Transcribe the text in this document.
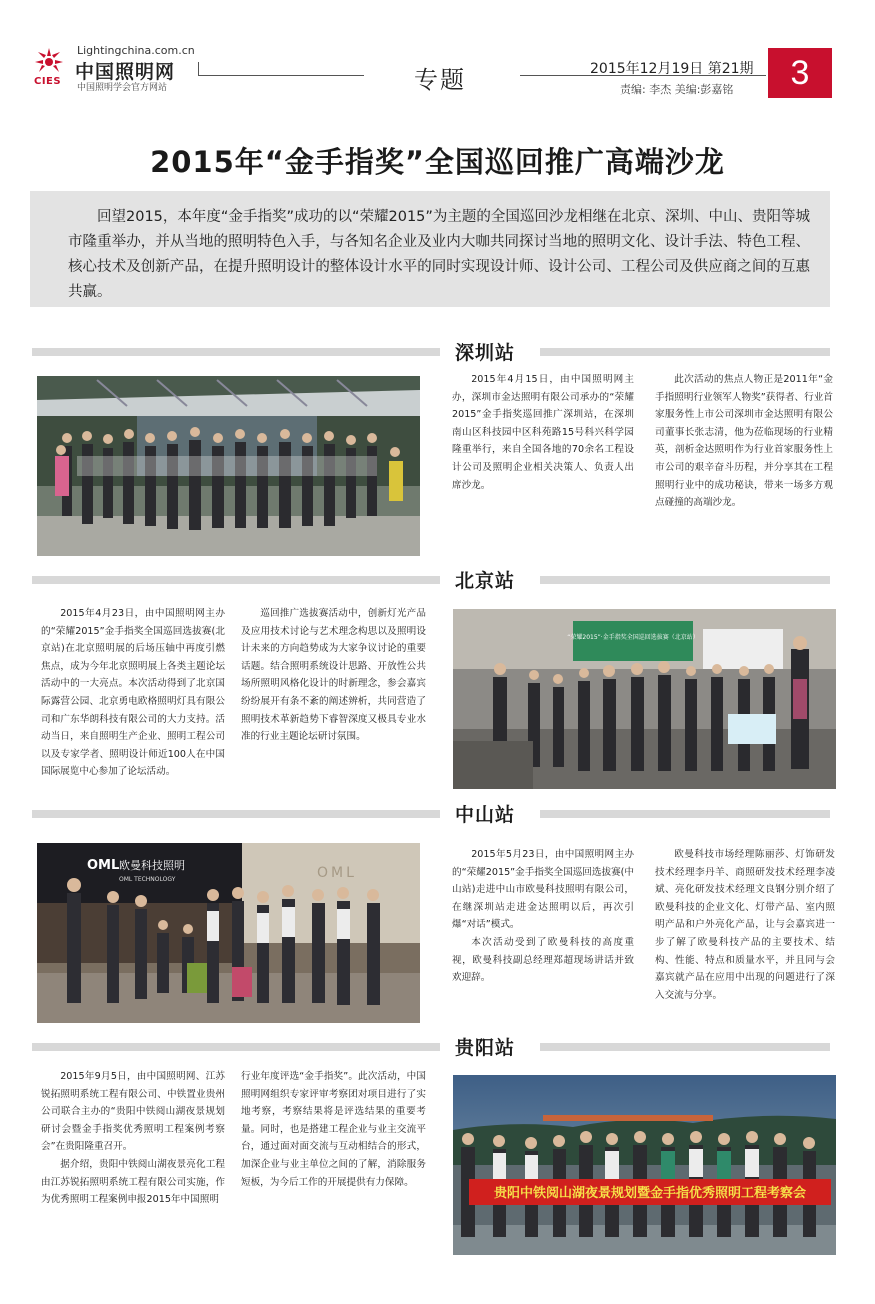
CIES
Lightingchina.com.cn
中国照明网
中国照明学会官方网站	专题	2015年12月19日 第21期
责编: 李杰 美编:彭嘉铭	3
2015年“金手指奖”全国巡回推广高端沙龙
回望2015，本年度“金手指奖”成功的以“荣耀2015”为主题的全国巡回沙龙相继在北京、深圳、中山、贵阳等城市隆重举办，并从当地的照明特色入手，与各知名企业及业内大咖共同探讨当地的照明文化、设计手法、特色工程、核心技术及创新产品，在提升照明设计的整体设计水平的同时实现设计师、设计公司、工程公司及供应商之间的互惠共赢。
深圳站

2015年4月15日，由中国照明网主办，深圳市金达照明有限公司承办的“荣耀2015”金手指奖巡回推广深圳站，在深圳南山区科技园中区科苑路15号科兴科学园隆重举行，来自全国各地的70余名工程设计公司及照明企业相关决策人、负责人出席沙龙。

此次活动的焦点人物正是2011年“金手指照明行业领军人物奖”获得者、行业首家服务性上市公司深圳市金达照明有限公司董事长张志清，他为莅临现场的行业精英，剖析金达照明作为行业首家服务性上市公司的艰辛奋斗历程，并分享其在工程照明行业中的成功秘诀，带来一场多方观点碰撞的高端沙龙。

北京站

2015年4月23日，由中国照明网主办的“荣耀2015”金手指奖全国巡回选拔赛(北京站)在北京照明展的后场压轴中再度引燃焦点，成为今年北京照明展上各类主题论坛活动中的一大亮点。本次活动得到了北京国际露营公园、北京勇电欧格照明灯具有限公司和广东华朗科技有限公司的大力支持。活动当日，来自照明生产企业、照明工程公司以及专家学者、照明设计师近100人在中国国际展览中心参加了论坛活动。

巡回推广选拔赛活动中，创新灯光产品及应用技术讨论与艺术理念构思以及照明设计未来的方向趋势成为大家争议讨论的重要话题。结合照明系统设计思路、开放性公共场所照明风格化设计的时新理念，参会嘉宾纷纷展开有条不紊的阐述辨析，共同营造了照明技术革新趋势下睿智深度又极具专业水准的行业主题论坛研讨氛围。

“荣耀2015”·金手指奖全国巡回选拔赛（北京站）
中山站
OML 欧曼科技照明
OML TECHNOLOGY	OML

2015年5月23日，由中国照明网主办的“荣耀2015”金手指奖全国巡回选拔赛(中山站)走进中山市欧曼科技照明有限公司，在继深圳站走进金达照明以后，再次引爆“对话”模式。

本次活动受到了欧曼科技的高度重视，欧曼科技副总经理郑超现场讲话并致欢迎辞。

欧曼科技市场经理陈丽莎、灯饰研发技术经理李丹羊、商照研发技术经理李凌斌、亮化研发技术经理文良钢分别介绍了欧曼科技的企业文化、灯带产品、室内照明产品和户外亮化产品，让与会嘉宾进一步了解了欧曼科技产品的主要技术、结构、性能、特点和质量水平，并且同与会嘉宾就产品在应用中出现的问题进行了深入交流与分享。

贵阳站

2015年9月5日，由中国照明网、江苏锐拓照明系统工程有限公司、中铁置业贵州公司联合主办的“贵阳中铁阅山湖夜景规划研讨会暨金手指奖优秀照明工程案例考察会”在贵阳隆重召开。

据介绍，贵阳中铁阅山湖夜景亮化工程由江苏锐拓照明系统工程有限公司实施，作为优秀照明工程案例申报2015年中国照明

行业年度评选“金手指奖”。此次活动，中国照明网组织专家评审考察团对项目进行了实地考察，考察结果将是评选结果的重要考量。同时，也是搭建工程企业与业主交流平台，通过面对面交流与互动相结合的形式，加深企业与业主单位之间的了解，消除服务短板，为今后工作的开展提供有力保障。

贵阳中铁阅山湖夜景规划暨金手指优秀照明工程考察会
